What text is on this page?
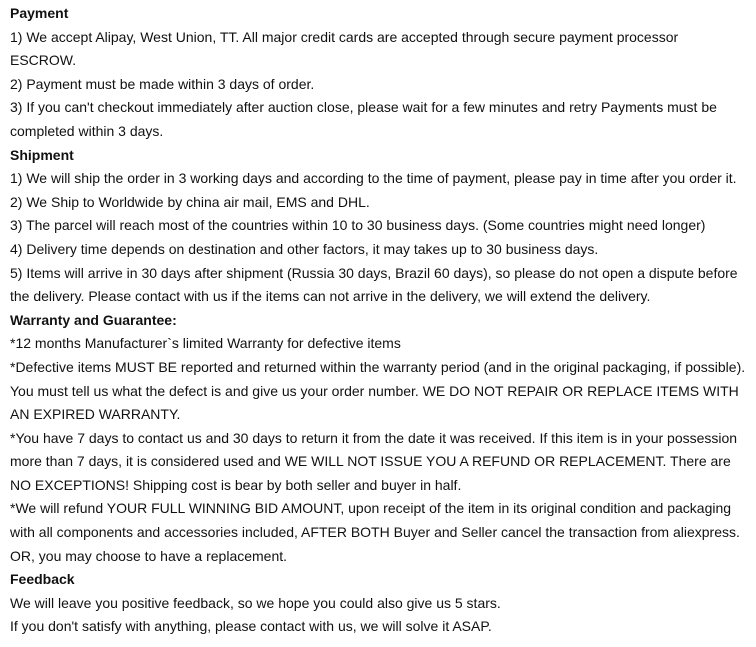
Payment

1) We accept Alipay, West Union, TT. All major credit cards are accepted through secure payment processor ESCROW.

2) Payment must be made within 3 days of order.

3) If you can't checkout immediately after auction close, please wait for a few minutes and retry Payments must be completed within 3 days.

Shipment

1) We will ship the order in 3 working days and according to the time of payment, please pay in time after you order it.

2) We Ship to Worldwide by china air mail, EMS and DHL.

3) The parcel will reach most of the countries within 10 to 30 business days. (Some countries might need longer)

4) Delivery time depends on destination and other factors, it may takes up to 30 business days.

5) Items will arrive in 30 days after shipment (Russia 30 days, Brazil 60 days), so please do not open a dispute before the delivery. Please contact with us if the items can not arrive in the delivery, we will extend the delivery.

Warranty and Guarantee:

*12 months Manufacturer`s limited Warranty for defective items

*Defective items MUST BE reported and returned within the warranty period (and in the original packaging, if possible). You must tell us what the defect is and give us your order number. WE DO NOT REPAIR OR REPLACE ITEMS WITH AN EXPIRED WARRANTY.

*You have 7 days to contact us and 30 days to return it from the date it was received. If this item is in your possession more than 7 days, it is considered used and WE WILL NOT ISSUE YOU A REFUND OR REPLACEMENT. There are NO EXCEPTIONS! Shipping cost is bear by both seller and buyer in half.

*We will refund YOUR FULL WINNING BID AMOUNT, upon receipt of the item in its original condition and packaging with all components and accessories included, AFTER BOTH Buyer and Seller cancel the transaction from aliexpress. OR, you may choose to have a replacement.

Feedback

We will leave you positive feedback, so we hope you could also give us 5 stars.

If you don't satisfy with anything, please contact with us, we will solve it ASAP.
